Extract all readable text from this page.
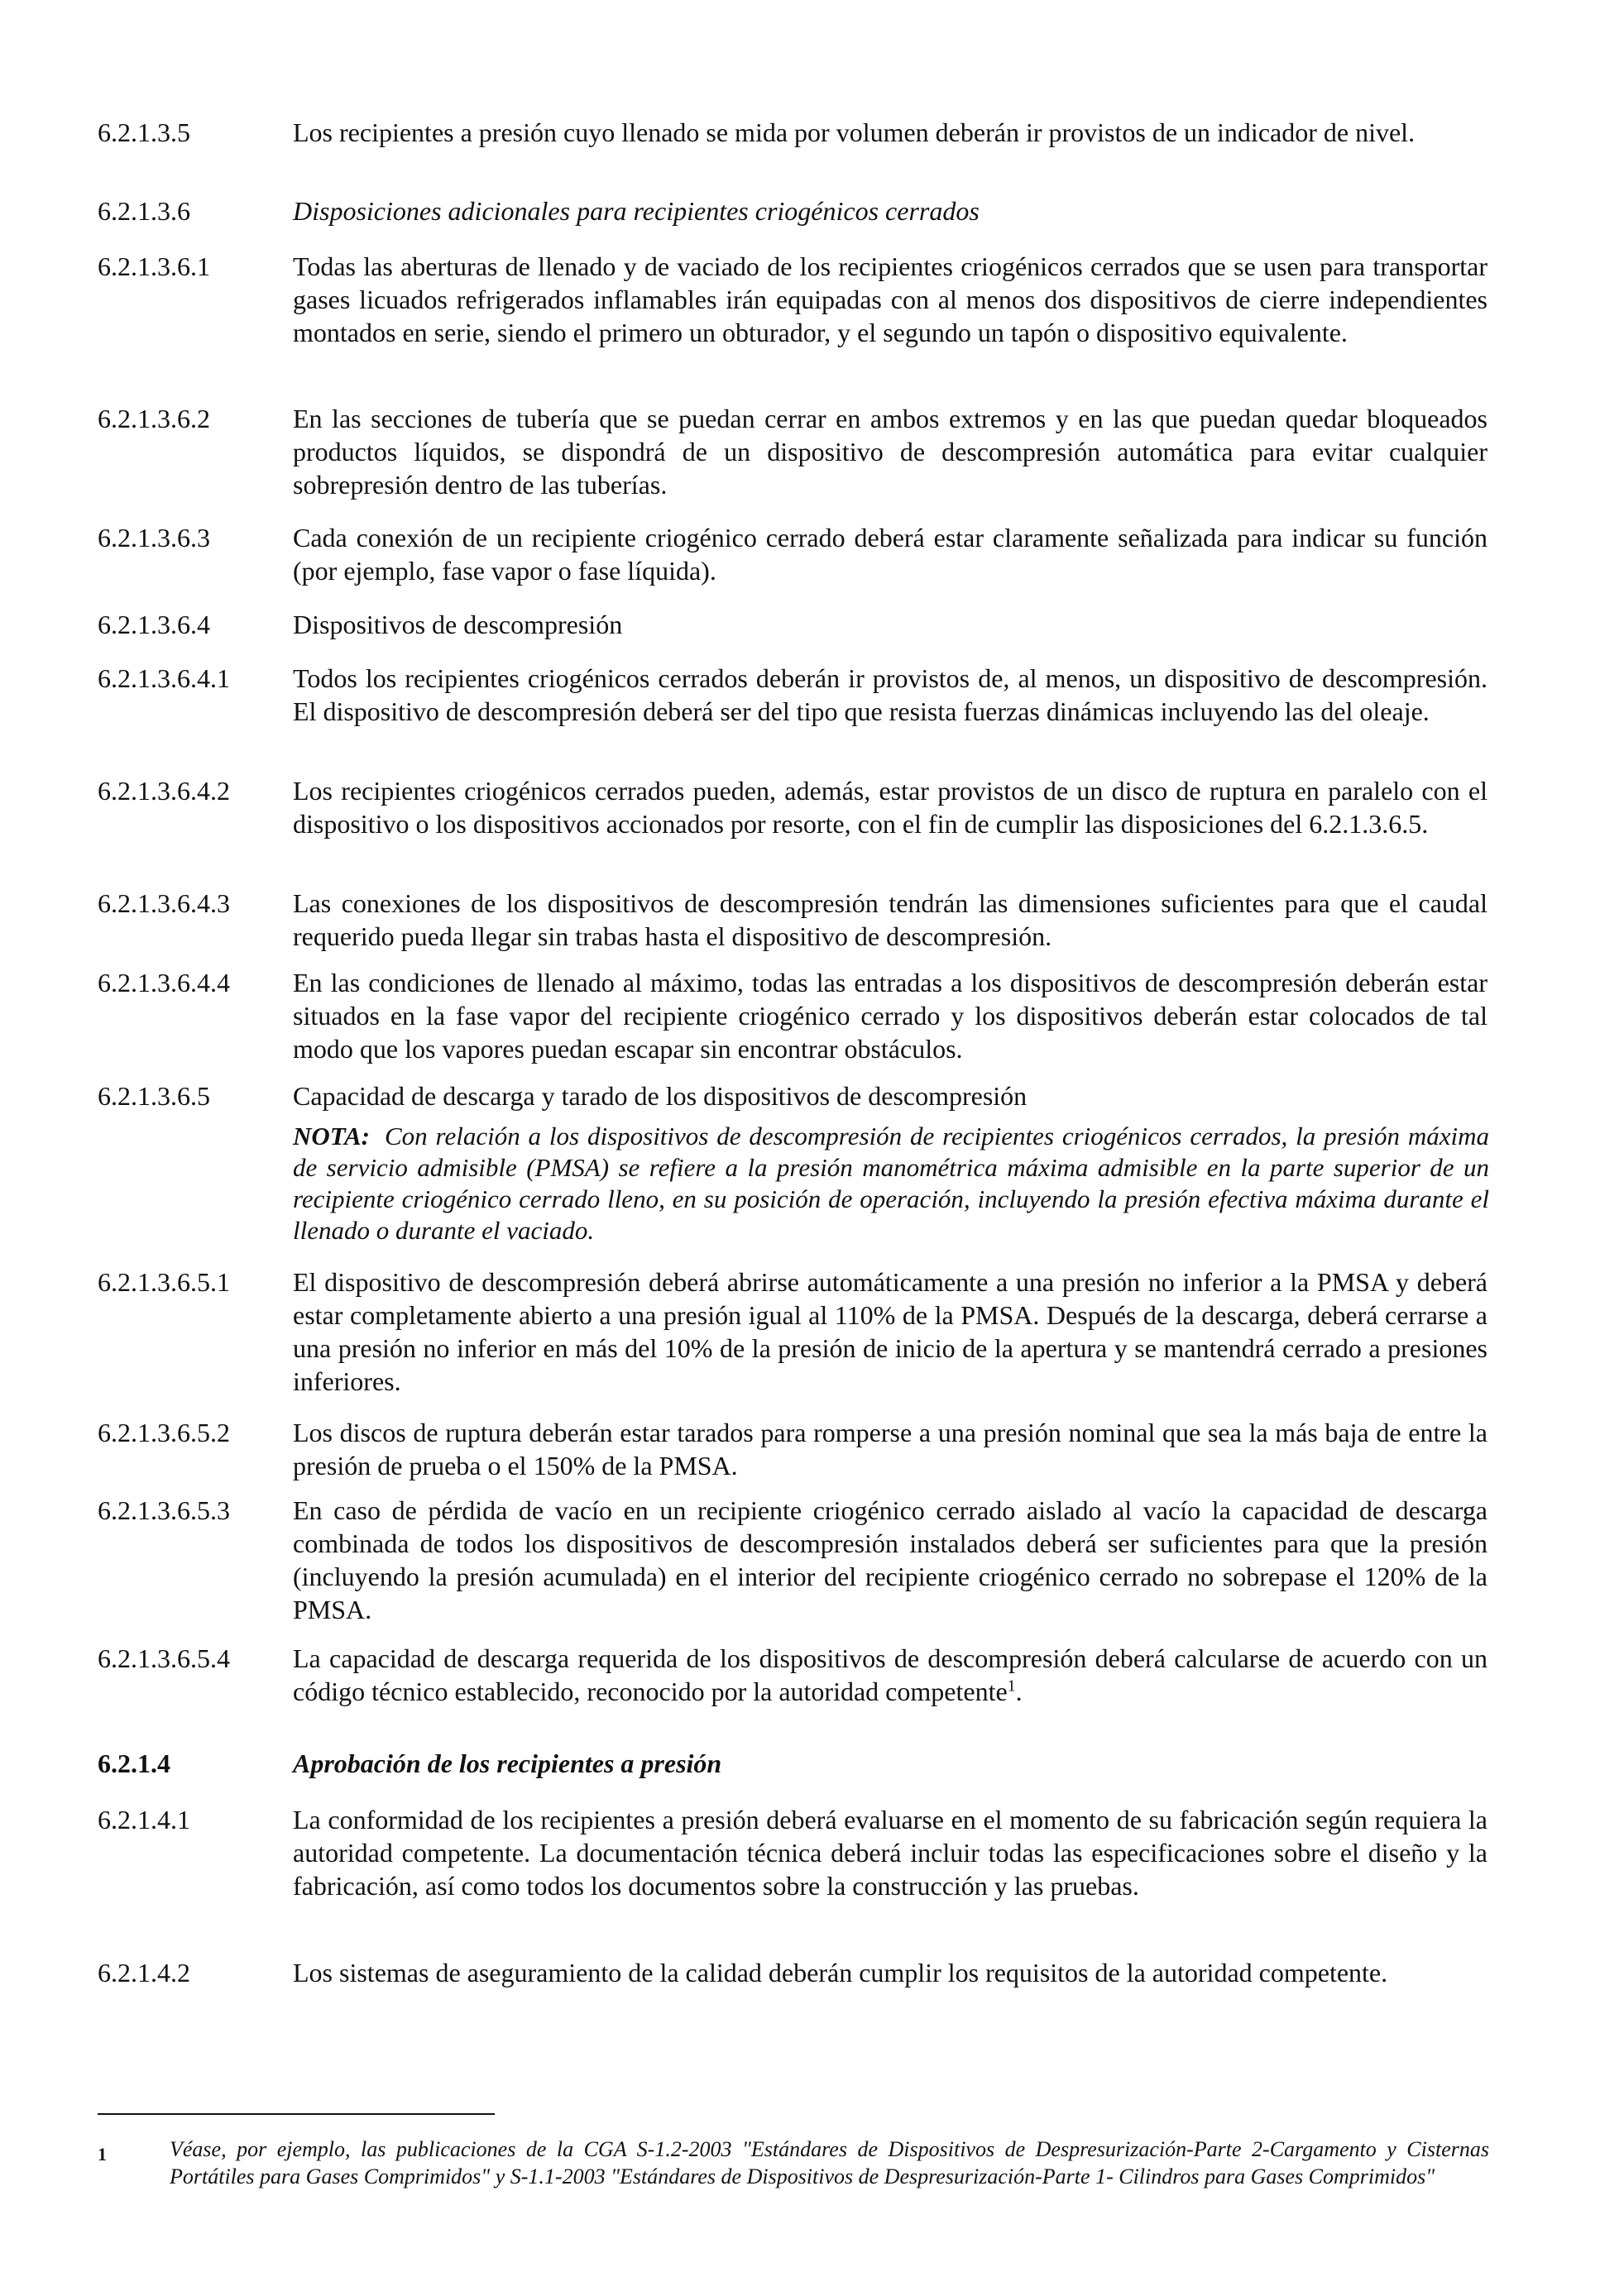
6.2.1.3.5	Los recipientes a presión cuyo llenado se mida por volumen deberán ir provistos de un indicador de nivel.
6.2.1.3.6	Disposiciones adicionales para recipientes criogénicos cerrados
6.2.1.3.6.1	Todas las aberturas de llenado y de vaciado de los recipientes criogénicos cerrados que se usen para transportar gases licuados refrigerados inflamables irán equipadas con al menos dos dispositivos de cierre independientes montados en serie, siendo el primero un obturador, y el segundo un tapón o dispositivo equivalente.
6.2.1.3.6.2	En las secciones de tubería que se puedan cerrar en ambos extremos y en las que puedan quedar bloqueados productos líquidos, se dispondrá de un dispositivo de descompresión automática para evitar cualquier sobrepresión dentro de las tuberías.
6.2.1.3.6.3	Cada conexión de un recipiente criogénico cerrado deberá estar claramente señalizada para indicar su función (por ejemplo, fase vapor o fase líquida).
6.2.1.3.6.4	Dispositivos de descompresión
6.2.1.3.6.4.1 Todos los recipientes criogénicos cerrados deberán ir provistos de, al menos, un dispositivo de descompresión. El dispositivo de descompresión deberá ser del tipo que resista fuerzas dinámicas incluyendo las del oleaje.
6.2.1.3.6.4.2 Los recipientes criogénicos cerrados pueden, además, estar provistos de un disco de ruptura en paralelo con el dispositivo o los dispositivos accionados por resorte, con el fin de cumplir las disposiciones del 6.2.1.3.6.5.
6.2.1.3.6.4.3 Las conexiones de los dispositivos de descompresión tendrán las dimensiones suficientes para que el caudal requerido pueda llegar sin trabas hasta el dispositivo de descompresión.
6.2.1.3.6.4.4 En las condiciones de llenado al máximo, todas las entradas a los dispositivos de descompresión deberán estar situados en la fase vapor del recipiente criogénico cerrado y los dispositivos deberán estar colocados de tal modo que los vapores puedan escapar sin encontrar obstáculos.
6.2.1.3.6.5	Capacidad de descarga y tarado de los dispositivos de descompresión
NOTA: Con relación a los dispositivos de descompresión de recipientes criogénicos cerrados, la presión máxima de servicio admisible (PMSA) se refiere a la presión manométrica máxima admisible en la parte superior de un recipiente criogénico cerrado lleno, en su posición de operación, incluyendo la presión efectiva máxima durante el llenado o durante el vaciado.
6.2.1.3.6.5.1 El dispositivo de descompresión deberá abrirse automáticamente a una presión no inferior a la PMSA y deberá estar completamente abierto a una presión igual al 110% de la PMSA. Después de la descarga, deberá cerrarse a una presión no inferior en más del 10% de la presión de inicio de la apertura y se mantendrá cerrado a presiones inferiores.
6.2.1.3.6.5.2 Los discos de ruptura deberán estar tarados para romperse a una presión nominal que sea la más baja de entre la presión de prueba o el 150% de la PMSA.
6.2.1.3.6.5.3 En caso de pérdida de vacío en un recipiente criogénico cerrado aislado al vacío la capacidad de descarga combinada de todos los dispositivos de descompresión instalados deberá ser suficientes para que la presión (incluyendo la presión acumulada) en el interior del recipiente criogénico cerrado no sobrepase el 120% de la PMSA.
6.2.1.3.6.5.4 La capacidad de descarga requerida de los dispositivos de descompresión deberá calcularse de acuerdo con un código técnico establecido, reconocido por la autoridad competente$^1$.
6.2.1.4	Aprobación de los recipientes a presión
6.2.1.4.1	La conformidad de los recipientes a presión deberá evaluarse en el momento de su fabricación según requiera la autoridad competente. La documentación técnica deberá incluir todas las especificaciones sobre el diseño y la fabricación, así como todos los documentos sobre la construcción y las pruebas.
6.2.1.4.2	Los sistemas de aseguramiento de la calidad deberán cumplir los requisitos de la autoridad competente.
1	Véase, por ejemplo, las publicaciones de la CGA S-1.2-2003 "Estándares de Dispositivos de Despresurización-Parte 2-Cargamento y Cisternas Portátiles para Gases Comprimidos" y S-1.1-2003 "Estándares de Dispositivos de Despresurización-Parte 1- Cilindros para Gases Comprimidos"
